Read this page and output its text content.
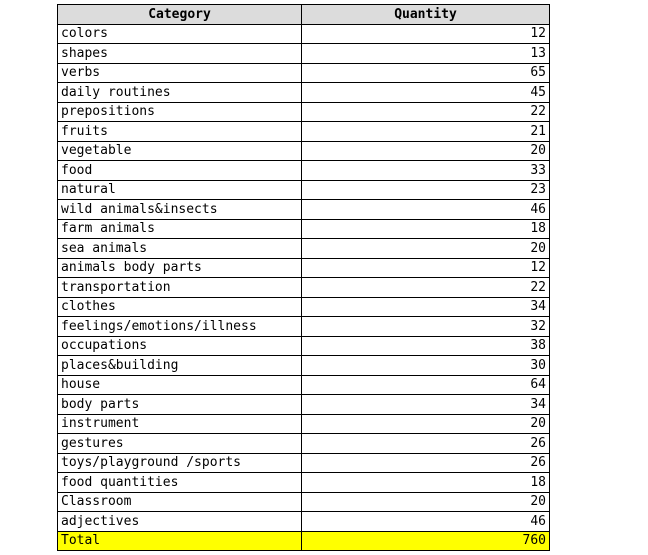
Category	Quantity
colors	12
shapes	13
verbs	65
daily routines	45
prepositions	22
fruits	21
vegetable	20
food	33
natural	23
wild animals&insects	46
farm animals	18
sea animals	20
animals body parts	12
transportation	22
clothes	34
feelings/emotions/illness	32
occupations	38
places&building	30
house	64
body parts	34
instrument	20
gestures	26
toys/playground /sports	26
food quantities	18
Classroom	20
adjectives	46
Total	760
